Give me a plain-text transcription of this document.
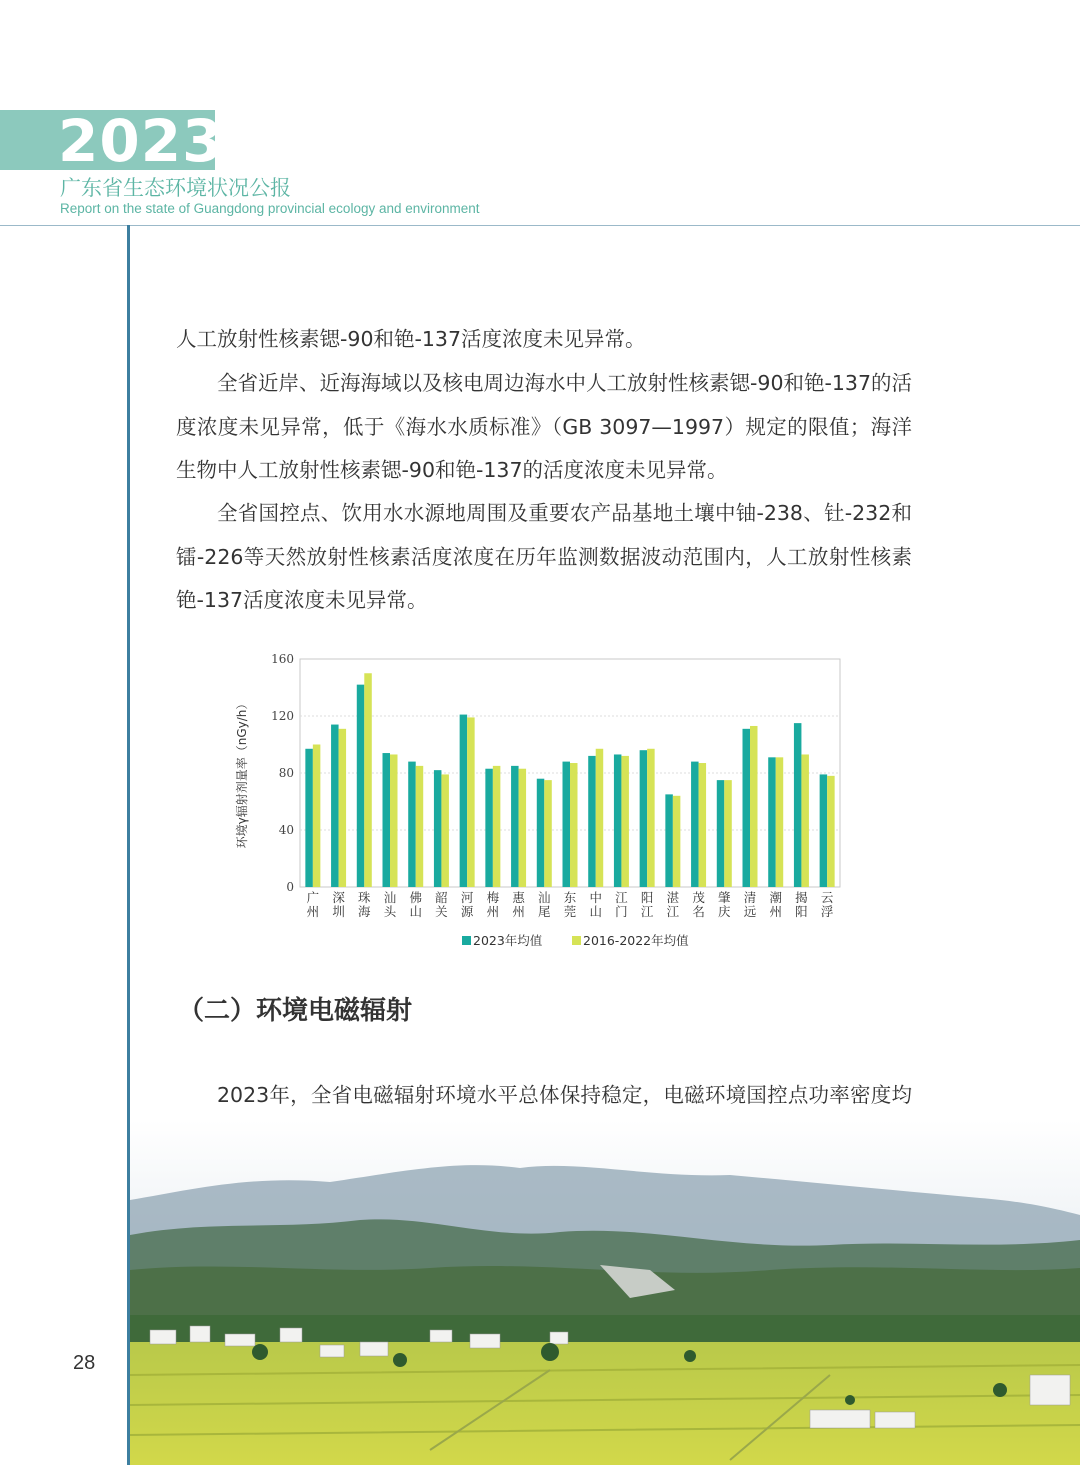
2023
广东省生态环境状况公报
Report on the state of Guangdong provincial ecology and environment

人工放射性核素锶-90和铯-137活度浓度未见异常。

全省近岸、近海海域以及核电周边海水中人工放射性核素锶-90和铯-137的活度浓度未见异常，低于《海水水质标准》（GB 3097—1997）规定的限值；海洋生物中人工放射性核素锶-90和铯-137的活度浓度未见异常。

全省国控点、饮用水水源地周围及重要农产品基地土壤中铀-238、钍-232和镭-226等天然放射性核素活度浓度在历年监测数据波动范围内，人工放射性核素铯-137活度浓度未见异常。

0
40
80
120
160
环境γ辐射剂量率（nGy/h）
广
州
深
圳
珠
海
汕
头
佛
山
韶
关
河
源
梅
州
惠
州
汕
尾
东
莞
中
山
江
门
阳
江
湛
江
茂
名
肇
庆
清
远
潮
州
揭
阳
云
浮
2023年均值	2016-2022年均值
（二）环境电磁辐射

2023年，全省电磁辐射环境水平总体保持稳定，电磁环境国控点功率密度均

28
